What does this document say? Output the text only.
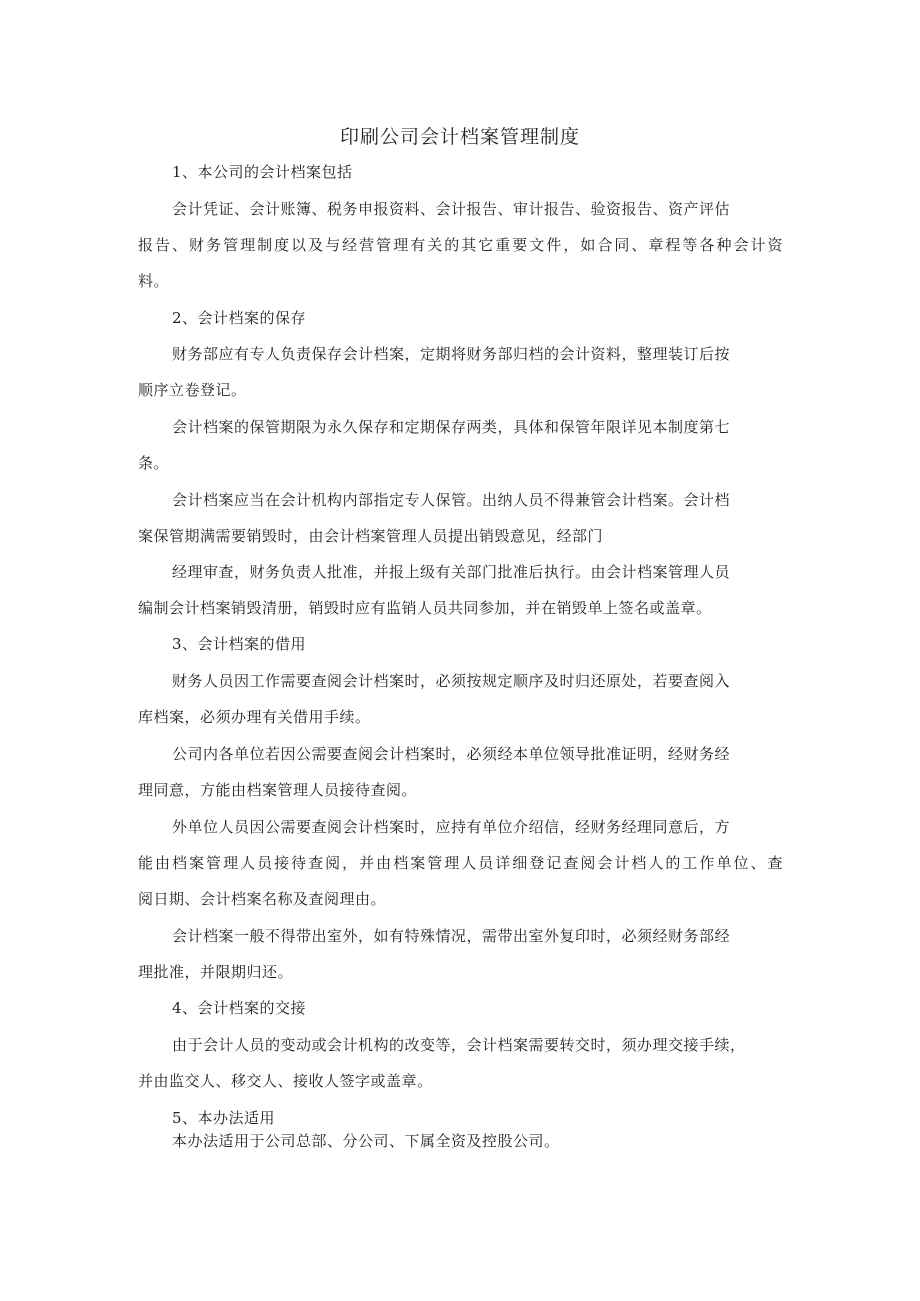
印刷公司会计档案管理制度
1、本公司的会计档案包括
会计凭证、会计账簿、税务申报资料、会计报告、审计报告、验资报告、资产评估
报告、财务管理制度以及与经营管理有关的其它重要文件，如合同、章程等各种会计资
料。
2、会计档案的保存
财务部应有专人负责保存会计档案，定期将财务部归档的会计资料，整理装订后按
顺序立卷登记。
会计档案的保管期限为永久保存和定期保存两类，具体和保管年限详见本制度第七
条。
会计档案应当在会计机构内部指定专人保管。出纳人员不得兼管会计档案。会计档
案保管期满需要销毁时，由会计档案管理人员提出销毁意见，经部门
经理审查，财务负责人批准，并报上级有关部门批准后执行。由会计档案管理人员
编制会计档案销毁清册，销毁时应有监销人员共同参加，并在销毁单上签名或盖章。
3、会计档案的借用
财务人员因工作需要查阅会计档案时，必须按规定顺序及时归还原处，若要查阅入
库档案，必须办理有关借用手续。
公司内各单位若因公需要查阅会计档案时，必须经本单位领导批准证明，经财务经
理同意，方能由档案管理人员接待查阅。
外单位人员因公需要查阅会计档案时，应持有单位介绍信，经财务经理同意后，方
能由档案管理人员接待查阅，并由档案管理人员详细登记查阅会计档人的工作单位、查
阅日期、会计档案名称及查阅理由。
会计档案一般不得带出室外，如有特殊情况，需带出室外复印时，必须经财务部经
理批准，并限期归还。
4、会计档案的交接
由于会计人员的变动或会计机构的改变等，会计档案需要转交时，须办理交接手续，
并由监交人、移交人、接收人签字或盖章。
5、本办法适用
本办法适用于公司总部、分公司、下属全资及控股公司。
